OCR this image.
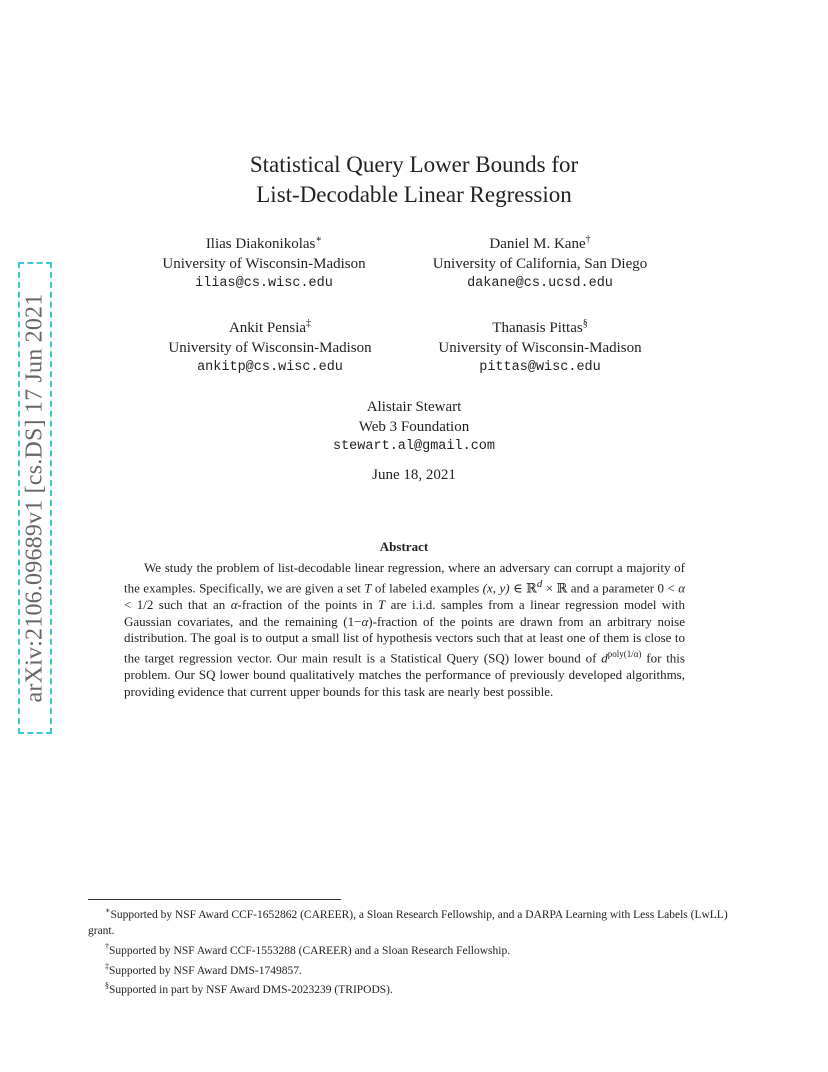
arXiv:2106.09689v1 [cs.DS] 17 Jun 2021
Statistical Query Lower Bounds for
List-Decodable Linear Regression
Ilias Diakonikolas∗
University of Wisconsin-Madison
ilias@cs.wisc.edu
Daniel M. Kane†
University of California, San Diego
dakane@cs.ucsd.edu
Ankit Pensia‡
University of Wisconsin-Madison
ankitp@cs.wisc.edu
Thanasis Pittas§
University of Wisconsin-Madison
pittas@wisc.edu
Alistair Stewart
Web 3 Foundation
stewart.al@gmail.com
June 18, 2021
Abstract
We study the problem of list-decodable linear regression, where an adversary can corrupt a majority of the examples. Specifically, we are given a set T of labeled examples (x, y) ∈ ℝ$^d$ × ℝ and a parameter 0 < α < 1/2 such that an α-fraction of the points in T are i.i.d. samples from a linear regression model with Gaussian covariates, and the remaining (1−α)-fraction of the points are drawn from an arbitrary noise distribution. The goal is to output a small list of hypothesis vectors such that at least one of them is close to the target regression vector. Our main result is a Statistical Query (SQ) lower bound of $d^{poly(1/\alpha)}$ for this problem. Our SQ lower bound qualitatively matches the performance of previously developed algorithms, providing evidence that current upper bounds for this task are nearly best possible.

∗Supported by NSF Award CCF-1652862 (CAREER), a Sloan Research Fellowship, and a DARPA Learning with Less Labels (LwLL) grant.

†Supported by NSF Award CCF-1553288 (CAREER) and a Sloan Research Fellowship.

‡Supported by NSF Award DMS-1749857.

§Supported in part by NSF Award DMS-2023239 (TRIPODS).
